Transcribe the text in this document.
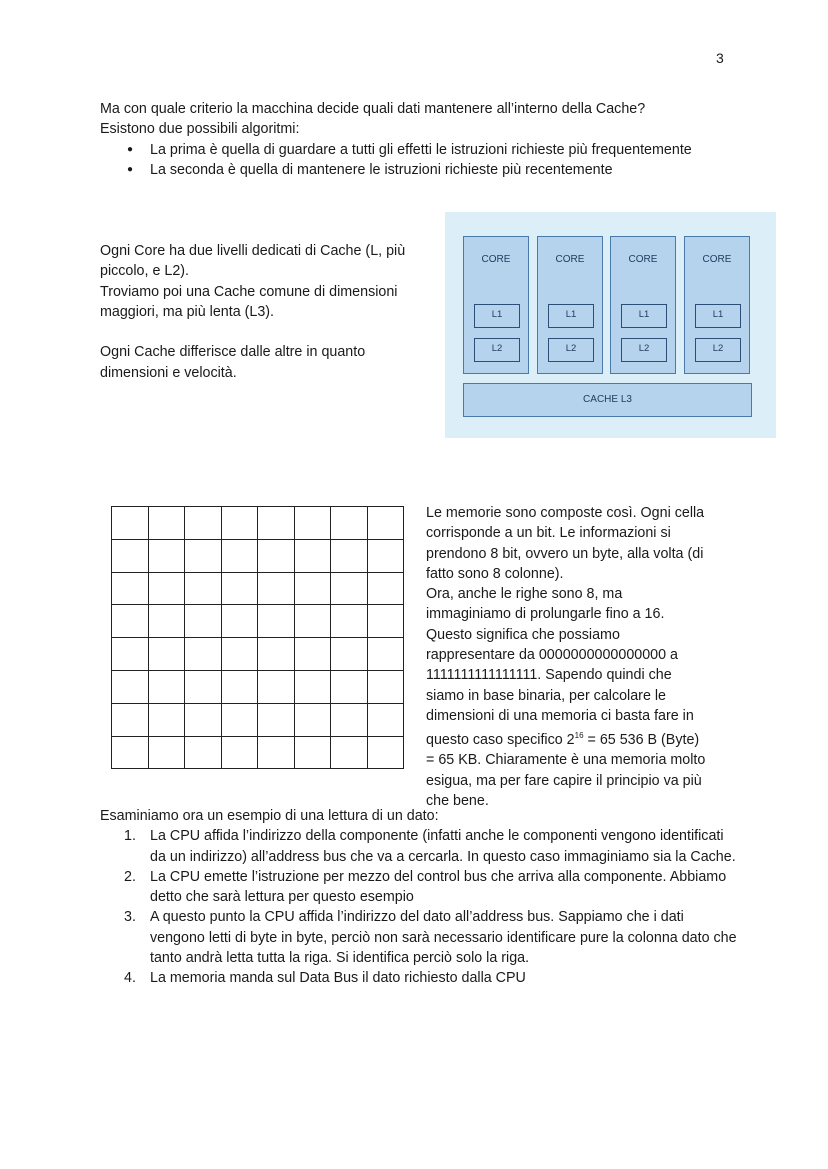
3

Ma con quale criterio la macchina decide quali dati mantenere all’interno della Cache?

Esistono due possibili algoritmi:

● La prima è quella di guardare a tutti gli effetti le istruzioni richieste più frequentemente
● La seconda è quella di mantenere le istruzioni richieste più recentemente
Ogni Core ha due livelli dedicati di Cache (L, più
piccolo, e L2).
Troviamo poi una Cache comune di dimensioni
maggiori, ma più lenta (L3).
Ogni Cache differisce dalle altre in quanto
dimensioni e velocità.
CORE
L1
L2
CORE
L1
L2
CORE
L1
L2
CORE
L1
L2
CACHE L3

Le memorie sono composte così. Ogni cella
corrisponde a un bit. Le informazioni si
prendono 8 bit, ovvero un byte, alla volta (di
fatto sono 8 colonne).
Ora, anche le righe sono 8, ma
immaginiamo di prolungarle fino a 16.
Questo significa che possiamo
rappresentare da 0000000000000000 a
1111111111111111. Sapendo quindi che
siamo in base binaria, per calcolare le
dimensioni di una memoria ci basta fare in
questo caso specifico $2^{16} = 65$ 536 B (Byte)
= 65 KB. Chiaramente è una memoria molto
esigua, ma per fare capire il principio va più
che bene.

Esaminiamo ora un esempio di una lettura di un dato:

1. La CPU affida l’indirizzo della componente (infatti anche le componenti vengono identificati da un indirizzo) all’address bus che va a cercarla. In questo caso immaginiamo sia la Cache.
2. La CPU emette l’istruzione per mezzo del control bus che arriva alla componente. Abbiamo detto che sarà lettura per questo esempio
3. A questo punto la CPU affida l’indirizzo del dato all’address bus. Sappiamo che i dati vengono letti di byte in byte, perciò non sarà necessario identificare pure la colonna dato che tanto andrà letta tutta la riga. Si identifica perciò solo la riga.
4. La memoria manda sul Data Bus il dato richiesto dalla CPU
